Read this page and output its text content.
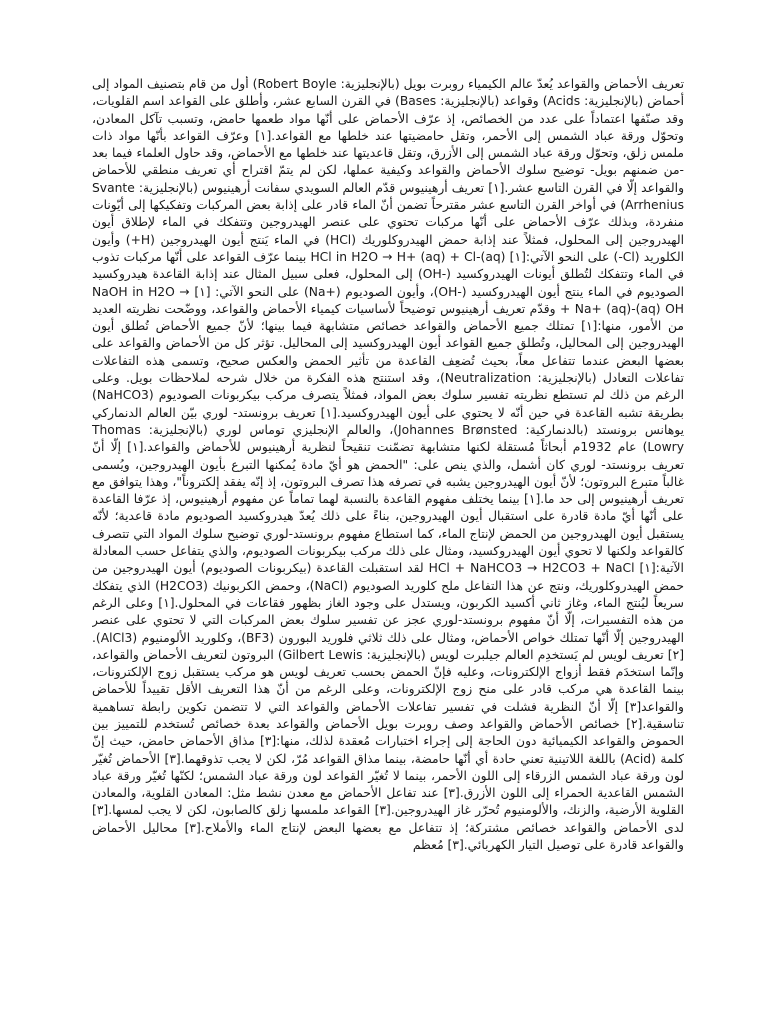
تعريف الأحماض والقواعد يُعدّ عالم الكيمياء روبرت بويل (بالإنجليزية: Robert Boyle) أول من قام بتصنيف المواد إلى أحماض (بالإنجليزية: Acids) وقواعد (بالإنجليزية: Bases) في القرن السابع عشر، وأطلق على القواعد اسم القلويات، وقد صنّفها اعتماداً على عدد من الخصائص، إذ عرّف الأحماض على أنّها مواد طعمها حامض، وتسبب تآكل المعادن، وتحوّل ورقة عباد الشمس إلى الأحمر، وتقل حامضيتها عند خلطها مع القواعد.[١] وعرّف القواعد بأنّها مواد ذات ملمس زلق، وتحوّل ورقة عباد الشمس إلى الأزرق، وتقل قاعديتها عند خلطها مع الأحماض، وقد حاول العلماء فيما بعد -من ضمنهم بويل- توضيح سلوك الأحماض والقواعد وكيفية عملها، لكن لم يتمّ اقتراح أي تعريف منطقي للأحماض والقواعد إلّا في القرن التاسع عشر.[١] تعريف أرهينيوس قدّم العالم السويدي سفانت أرهينيوس (بالإنجليزية: Svante Arrhenius) في أواخر القرن التاسع عشر مقترحاً تضمن أنّ الماء قادر على إذابة بعض المركبات وتفكيكها إلى أيّونات منفردة، وبذلك عرّف الأحماض على أنّها مركبات تحتوي على عنصر الهيدروجين وتتفكك في الماء لإطلاق أيون الهيدروجين إلى المحلول، فمثلاً عند إذابة حمض الهيدروكلوريك (HCl) في الماء يَنتج أيون الهيدروجين (H+) وأيون الكلوريد (Cl-) على النحو الآتي:[١] HCl in H2O → H+ (aq) + Cl-(aq) بينما عرّف القواعد على أنّها مركبات تذوب في الماء وتتفكك لتُطلق أيونات الهيدروكسيد (-OH) إلى المحلول، فعلى سبيل المثال عند إذابة القاعدة هيدروكسيد الصوديوم في الماء ينتج أيون الهيدروكسيد (-OH)، وأيون الصوديوم (+Na) على النحو الآتي: [١] NaOH in H2O → Na+ (aq)-(aq) OH + وقدّم تعريف أرهينيوس توضيحاً لأساسيات كيمياء الأحماض والقواعد، ووضّحت نظريته العديد من الأمور، منها:[١] تمتلك جميع الأحماض والقواعد خصائص متشابهة فيما بينها؛ لأنّ جميع الأحماض تُطلق أيون الهيدروجين إلى المحاليل، وتُطلق جميع القواعد أيون الهيدروكسيد إلى المحاليل. تؤثر كل من الأحماض والقواعد على بعضها البعض عندما تتفاعل معاً، بحيث تُضعِف القاعدة من تأثير الحمض والعكس صحيح، وتسمى هذه التفاعلات تفاعلات التعادل (بالإنجليزية: Neutralization)، وقد استنتج هذه الفكرة من خلال شرحه لملاحظات بويل. وعلى الرغم من ذلك لم تستطع نظريته تفسير سلوك بعض المواد، فمثلاً يتصرف مركب بيكربونات الصوديوم (NaHCO3) بطريقة تشبه القاعدة في حين أنّه لا يحتوي على أيون الهيدروكسيد.[١] تعريف برونستد- لوري بيّن العالم الدنماركي يوهانس برونستد (بالدنماركية: Johannes Brønsted)، والعالم الإنجليزي توماس لوري (بالإنجليزية: Thomas Lowry) عام 1932م أبحاثاً مُستقلة لكنها متشابهة تضمّنت تنقيحاً لنظرية أرهينيوس للأحماض والقواعد.[١] إلّا أنّ تعريف برونستد- لوري كان أشمل، والذي ينص على: "الحمض هو أيّ مادة يُمكنها التبرع بأيون الهيدروجين، ويُسمى غالباً متبرع البروتون؛ لأنّ أيون الهيدروجين يشبه في تصرفه هذا تصرف البروتون، إذ إنّه يفقد إلكتروناً"، وهذا يتوافق مع تعريف أرهينيوس إلى حد ما.[١] بينما يختلف مفهوم القاعدة بالنسبة لهما تماماً عن مفهوم أرهينيوس، إذ عرّفا القاعدة على أنّها أيّ مادة قادرة على استقبال أيون الهيدروجين، بناءً على ذلك يُعدّ هيدروكسيد الصوديوم مادة قاعدية؛ لأنّه يستقبل أيون الهيدروجين من الحمض لإنتاج الماء، كما استطاع مفهوم برونستد-لوري توضيح سلوك المواد التي تتصرف كالقواعد ولكنها لا تحوي أيون الهيدروكسيد، ومثال على ذلك مركب بيكربونات الصوديوم، والذي يتفاعل حسب المعادلة الآتية:[١] HCl + NaHCO3 → H2CO3 + NaCl لقد استقبلت القاعدة (بيكربونات الصوديوم) أيون الهيدروجين من حمض الهيدروكلوريك، ونتج عن هذا التفاعل ملح كلوريد الصوديوم (NaCl)، وحمض الكربونيك (H2CO3) الذي يتفكك سريعاً ليُنتج الماء، وغاز ثاني أكسيد الكربون، ويستدل على وجود الغاز بظهور فقاعات في المحلول.[١] وعلى الرغم من هذه التفسيرات، إلّا أنّ مفهوم برونستد-لوري عجز عن تفسير سلوك بعض المركبات التي لا تحتوي على عنصر الهيدروجين إلّا أنّها تمتلك خواص الأحماض، ومثال على ذلك ثلاثي فلوريد البورون (BF3)، وكلوريد الألومنيوم (AlCl3).[٢] تعريف لويس لم يَستخدِم العالم جيلبرت لويس (بالإنجليزية: Gilbert Lewis) البروتون لتعريف الأحماض والقواعد، وإنّما استخدَم فقط أزواج الإلكترونات، وعليه فإنّ الحمض بحسب تعريف لويس هو مركب يستقبل زوج الإلكترونات، بينما القاعدة هي مركب قادر على منح زوج الإلكترونات، وعلى الرغم من أنّ هذا التعريف الأقل تقييداً للأحماض والقواعد[٣] إلّا أنّ النظرية فشلت في تفسير تفاعلات الأحماض والقواعد التي لا تتضمن تكوين رابطة تساهمية تناسقية.[٢] خصائص الأحماض والقواعد وصف روبرت بويل الأحماض والقواعد بعدة خصائص تُستخدم للتمييز بين الحموض والقواعد الكيميائية دون الحاجة إلى إجراء اختبارات مُعقدة لذلك، منها:[٣] مذاق الأحماض حامض، حيث إنّ كلمة (Acid) باللغة اللاتينية تعني حادة أي أنّها حامضة، بينما مذاق القواعد مُرّ، لكن لا يجب تذوقهما.[٣] الأحماض تُغيّر لون ورقة عباد الشمس الزرقاء إلى اللون الأحمر، بينما لا تُغيّر القواعد لون ورقة عباد الشمس؛ لكنّها تُغيّر ورقة عباد الشمس القاعدية الحمراء إلى اللون الأزرق.[٣] عند تفاعل الأحماض مع معدن نشط مثل: المعادن القلوية، والمعادن القلوية الأرضية، والزنك، والألومنيوم تُحرّر غاز الهيدروجين.[٣] القواعد ملمسها زلق كالصابون، لكن لا يجب لمسها.[٣] لدى الأحماض والقواعد خصائص مشتركة؛ إذ تتفاعل مع بعضها البعض لإنتاج الماء والأملاح.[٣] محاليل الأحماض والقواعد قادرة على توصيل التيار الكهربائي.[٣] مُعظم
